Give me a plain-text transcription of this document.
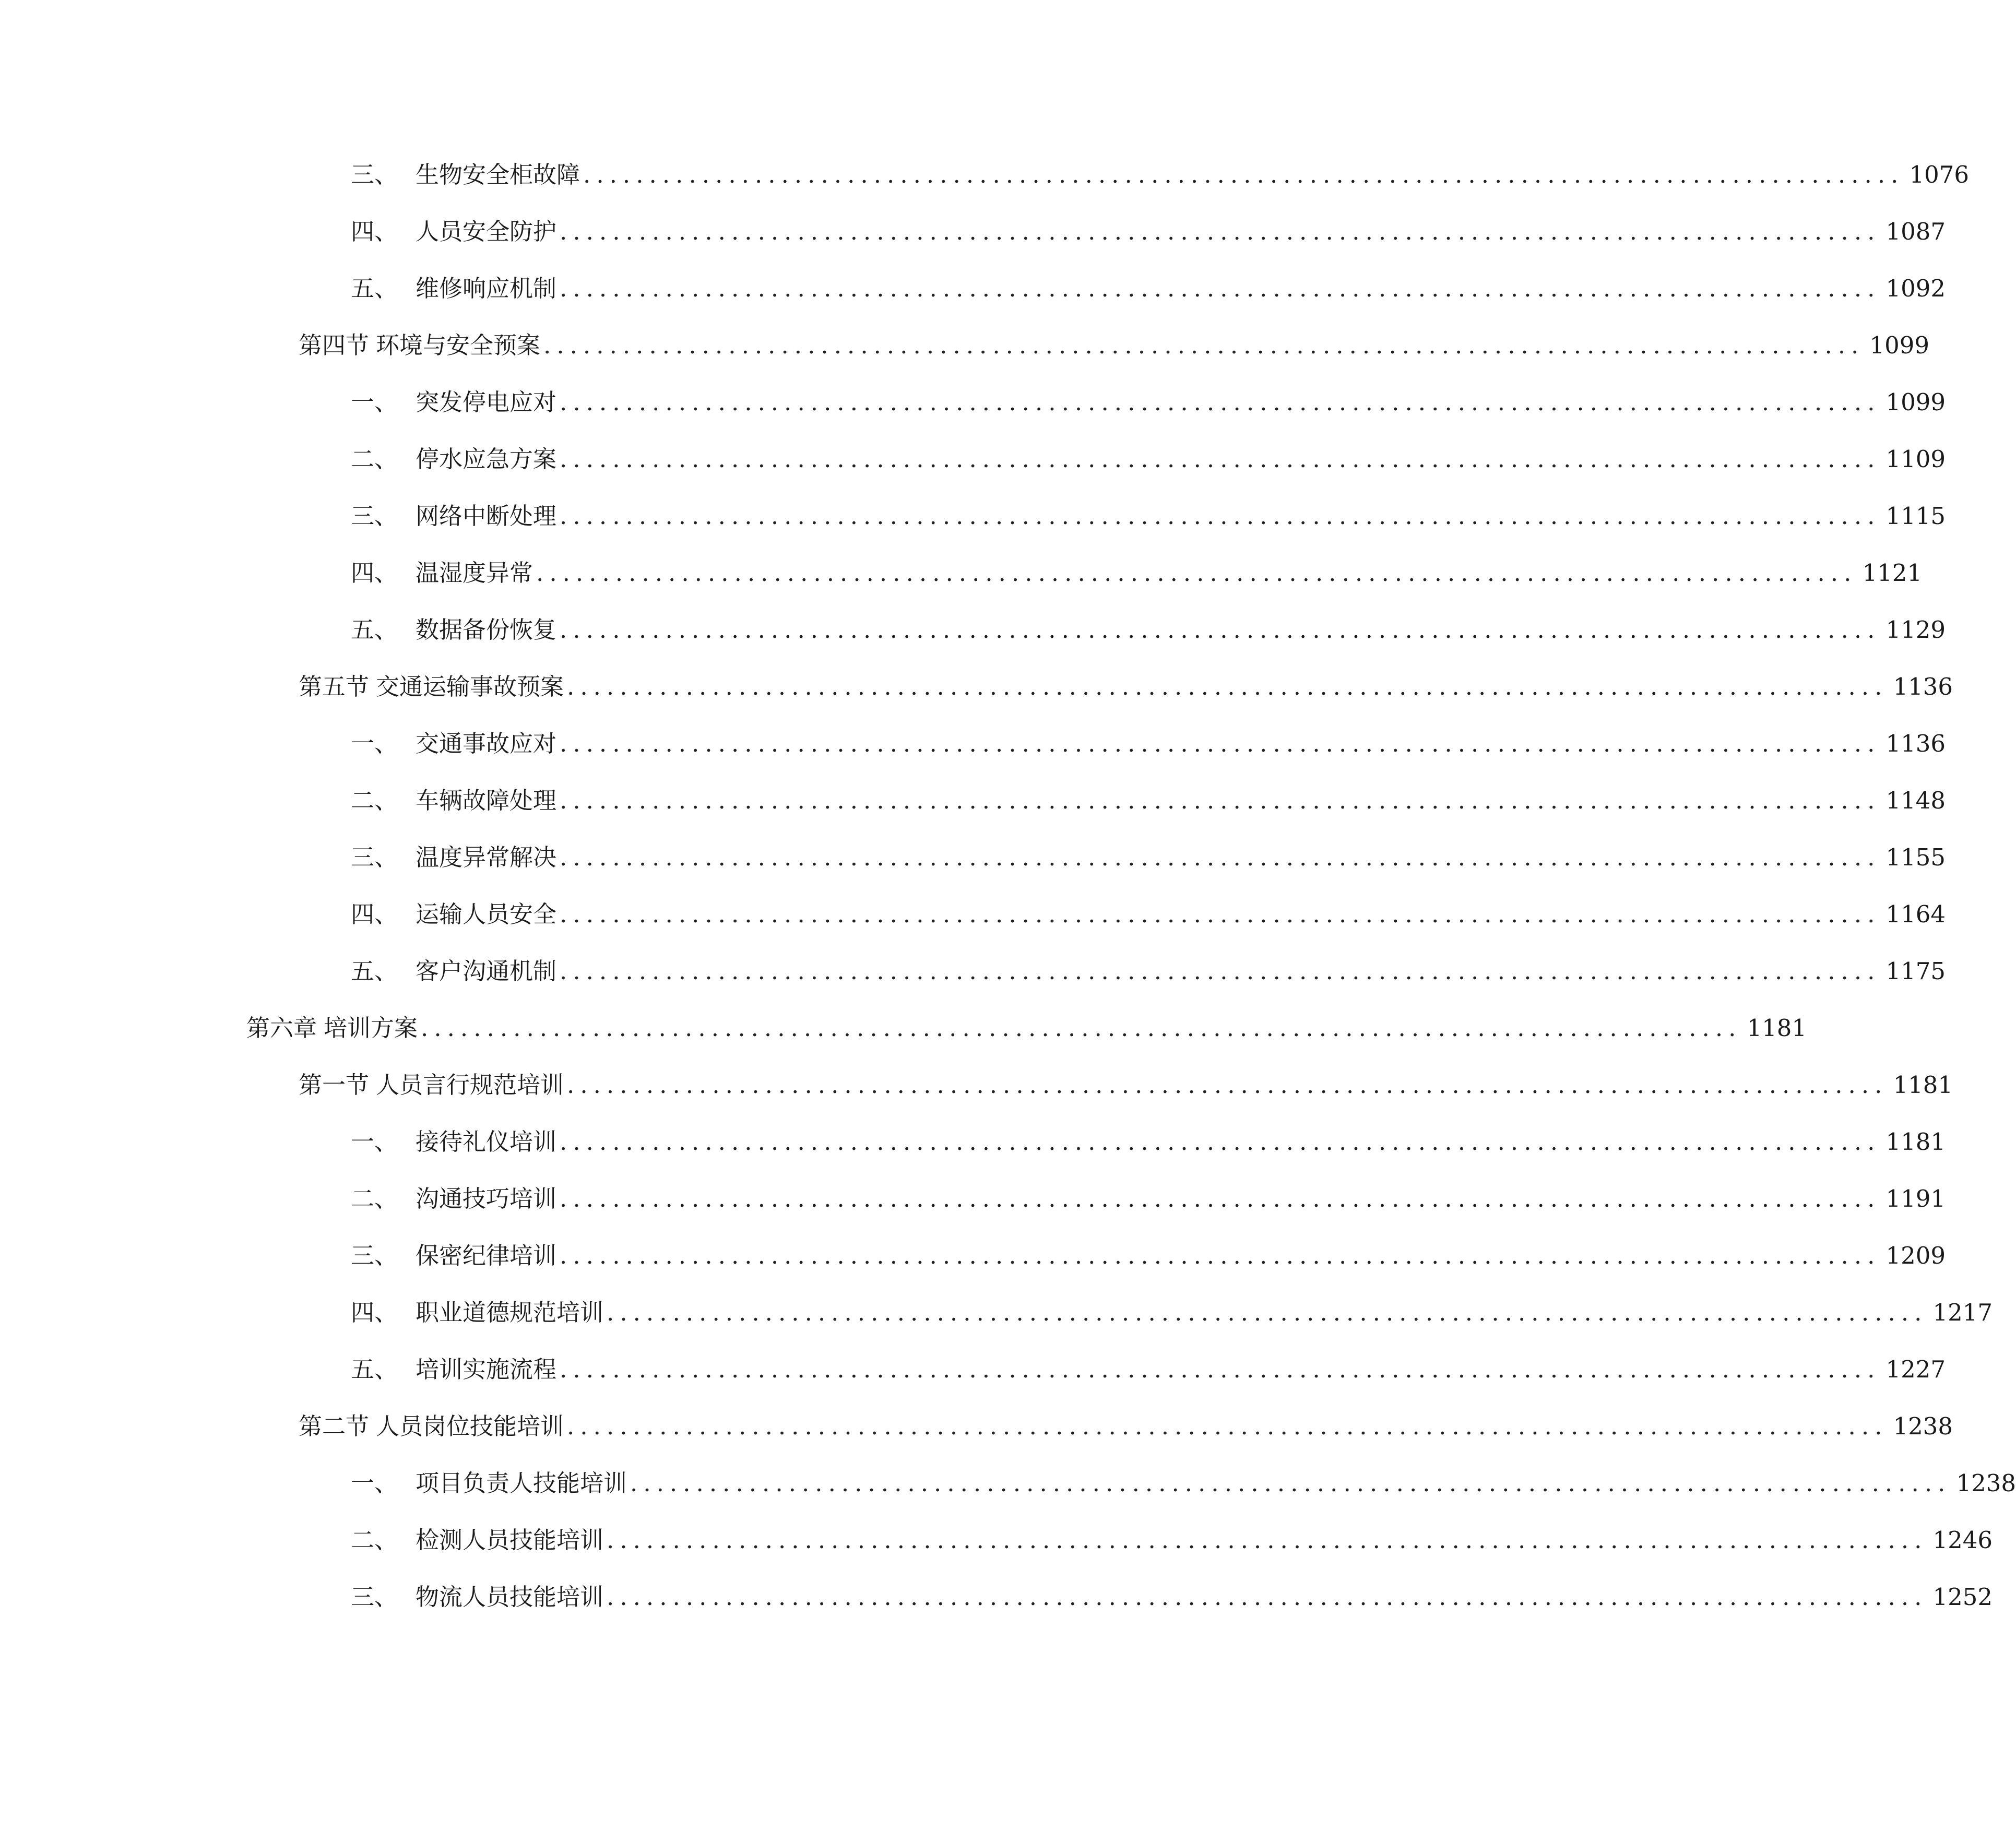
三、 生物安全柜故障 .................................................................................................... 1076
四、 人员安全防护 .................................................................................................... 1087
五、 维修响应机制 .................................................................................................... 1092
第四节 环境与安全预案 .................................................................................................... 1099
一、 突发停电应对 .................................................................................................... 1099
二、 停水应急方案 .................................................................................................... 1109
三、 网络中断处理 .................................................................................................... 1115
四、 温湿度异常 .................................................................................................... 1121
五、 数据备份恢复 .................................................................................................... 1129
第五节 交通运输事故预案 .................................................................................................... 1136
一、 交通事故应对 .................................................................................................... 1136
二、 车辆故障处理 .................................................................................................... 1148
三、 温度异常解决 .................................................................................................... 1155
四、 运输人员安全 .................................................................................................... 1164
五、 客户沟通机制 .................................................................................................... 1175
第六章 培训方案 .................................................................................................... 1181
第一节 人员言行规范培训 .................................................................................................... 1181
一、 接待礼仪培训 .................................................................................................... 1181
二、 沟通技巧培训 .................................................................................................... 1191
三、 保密纪律培训 .................................................................................................... 1209
四、 职业道德规范培训 .................................................................................................... 1217
五、 培训实施流程 .................................................................................................... 1227
第二节 人员岗位技能培训 .................................................................................................... 1238
一、 项目负责人技能培训 .................................................................................................... 1238
二、 检测人员技能培训 .................................................................................................... 1246
三、 物流人员技能培训 .................................................................................................... 1252
